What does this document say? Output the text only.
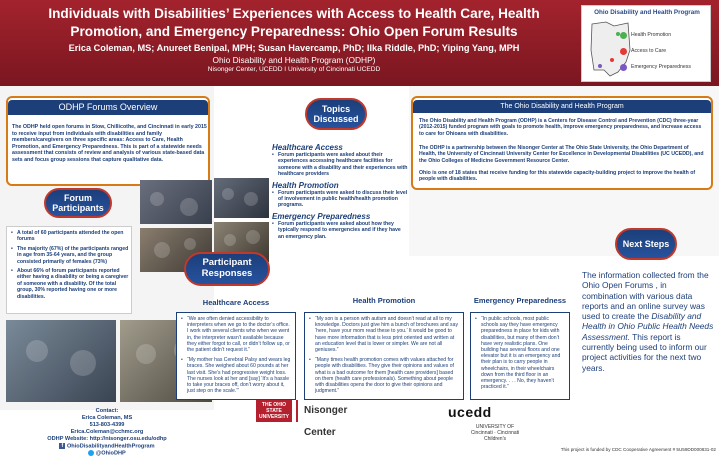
Individuals with Disabilities’ Experiences with Access to Health Care, Health Promotion, and Emergency Preparedness: Ohio Open Forum Results
Erica Coleman, MS; Anureet Benipal, MPH; Susan Havercamp, PhD; Ilka Riddle, PhD; Yiping Yang, MPH
Ohio Disability and Health Program (ODHP)
Nisonger Center, UCEDD I University of Cincinnati UCEDD
Ohio Disability and Health Program
Health Promotion
Access to Care
Emergency Preparedness
ODHP Forums Overview
The ODHP held open forums in Stow, Chillicothe, and Cincinnati in early 2015 to receive input from individuals with disabilities and family members/caregivers on three specific areas: Access to Care, Health Promotion, and Emergency Preparedness. This is part of a statewide needs assessment that consists of review and analysis of various state-based data sets and focus group sessions that capture qualitative data.
Forum Participants
• A total of 60 participants attended the open forums
• The majority (67%) of the participants ranged in age from 35-64 years, and the group consisted primarily of females (73%)
• About 66% of forum participants reported either having a disability or being a caregiver of someone with a disability. Of the total group, 30% reported having one or more disabilities.
Topics Discussed
Healthcare Access
• Forum participants were asked about their experiences accessing healthcare facilities for someone with a disability and their experiences with healthcare providers
Health Promotion
• Forum participants were asked to discuss their level of involvement in public health/health promotion programs.
Emergency Preparedness
• Forum participants were asked about how they typically respond to emergencies and if they have an emergency plan.
The Ohio Disability and Health Program
The Ohio Disability and Health Program (ODHP) is a Centers for Disease Control and Prevention (CDC) three-year (2012-2015) funded program with goals to promote health, improve emergency preparedness, and increase access to care for Ohioans with disabilities.
The ODHP is a partnership between the Nisonger Center at The Ohio State University, the Ohio Department of Health, the University of Cincinnati University Center for Excellence in Developmental Disabilities (UC UCEDD), and the Ohio Colleges of Medicine Government Resource Center.
Ohio is one of 18 states that receive funding for this statewide capacity-building project to improve the health of people with disabilities.
Participant Responses
Healthcare Access

• “We are often denied accessibility to interpreters when we go to the doctor’s office. I work with several clients who when we went in, the interpreter wasn’t available because they either forgot to call, or didn’t follow up, or the patient didn’t request it.”

• “My mother has Cerebral Palsy and wears leg braces. She weighed about 60 pounds at her last visit. She’s had progressive weight loss. The nurses look at her and [say] ‘It’s a hassle to take your braces off, don’t worry about it, just step on the scale.’”

Health Promotion

• “My son is a person with autism and doesn’t read at all to my knowledge. Doctors just give him a bunch of brochures and say ‘here, have your mom read these to you.’ It would be good to have more information that is less print oriented and written at an education level that is lower or simpler. We are not all geniuses.”

• “Many times health promotion comes with values attached for people with disabilities. They give their opinions and values of what is a bad outcome for them [health care providers] based on them (health care professionals). Something about people with disabilities opens the door to give their opinions and judgment.”

Emergency Preparedness

• “In public schools, most public schools say they have emergency preparedness in place for kids with disabilities, but many of them don’t have very realistic plans. One building has several floors and one elevator but it is an emergency and their plan is to carry people in wheelchairs, in their wheelchairs down from the third floor in an emergency. . . . No, they haven’t practiced it.”

Next Steps
The information collected from the Ohio Open Forums , in combination with various data reports and an online survey was used to create the Disability and Health in Ohio Public Health Needs Assessment. This report is currently being used to inform our project activities for the next two years.
Contact:
Erica Coleman, MS
513-803-4399
Erica.Coleman@cchmc.org
ODHP Website: http://nisonger.osu.edu/odhp
f OhioDisabilityandHealthProgram
@OhioDHP
THE OHIO STATE UNIVERSITY
Nisonger Center
ucedd
UNIVERSITY OF Cincinnati · Cincinnati Children's
This project is funded by CDC Cooperative Agreement # 5U59DD000831-02
